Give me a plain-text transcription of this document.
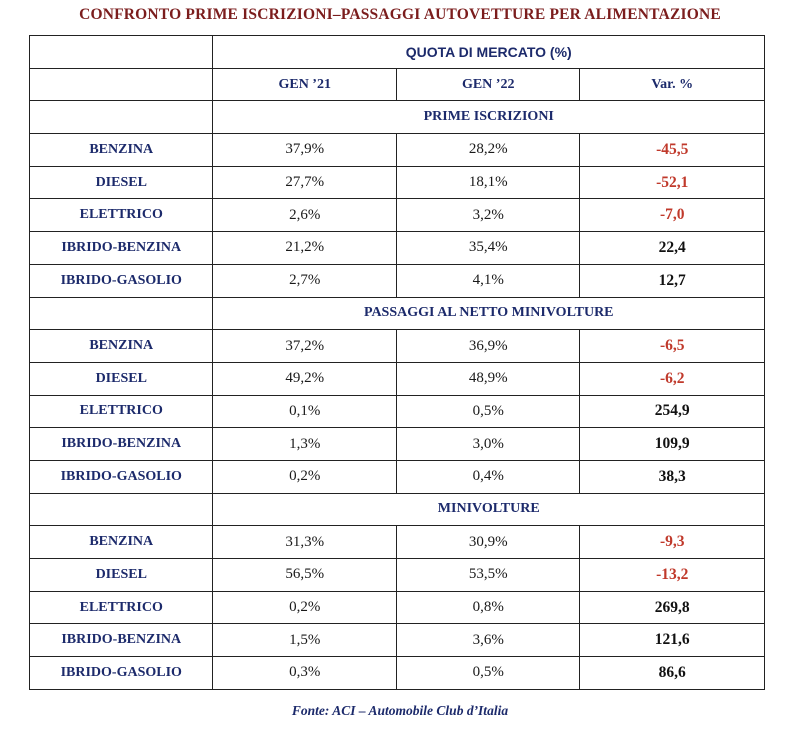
CONFRONTO PRIME ISCRIZIONI–PASSAGGI AUTOVETTURE PER ALIMENTAZIONE
	QUOTA DI MERCATO (%)		
	GEN ’21	GEN ’22	Var. %
	PRIME ISCRIZIONI		
BENZINA	37,9%	28,2%	-45,5
DIESEL	27,7%	18,1%	-52,1
ELETTRICO	2,6%	3,2%	-7,0
IBRIDO-BENZINA	21,2%	35,4%	22,4
IBRIDO-GASOLIO	2,7%	4,1%	12,7
	PASSAGGI AL NETTO MINIVOLTURE		
BENZINA	37,2%	36,9%	-6,5
DIESEL	49,2%	48,9%	-6,2
ELETTRICO	0,1%	0,5%	254,9
IBRIDO-BENZINA	1,3%	3,0%	109,9
IBRIDO-GASOLIO	0,2%	0,4%	38,3
	MINIVOLTURE		
BENZINA	31,3%	30,9%	-9,3
DIESEL	56,5%	53,5%	-13,2
ELETTRICO	0,2%	0,8%	269,8
IBRIDO-BENZINA	1,5%	3,6%	121,6
IBRIDO-GASOLIO	0,3%	0,5%	86,6
Fonte: ACI – Automobile Club d’Italia
